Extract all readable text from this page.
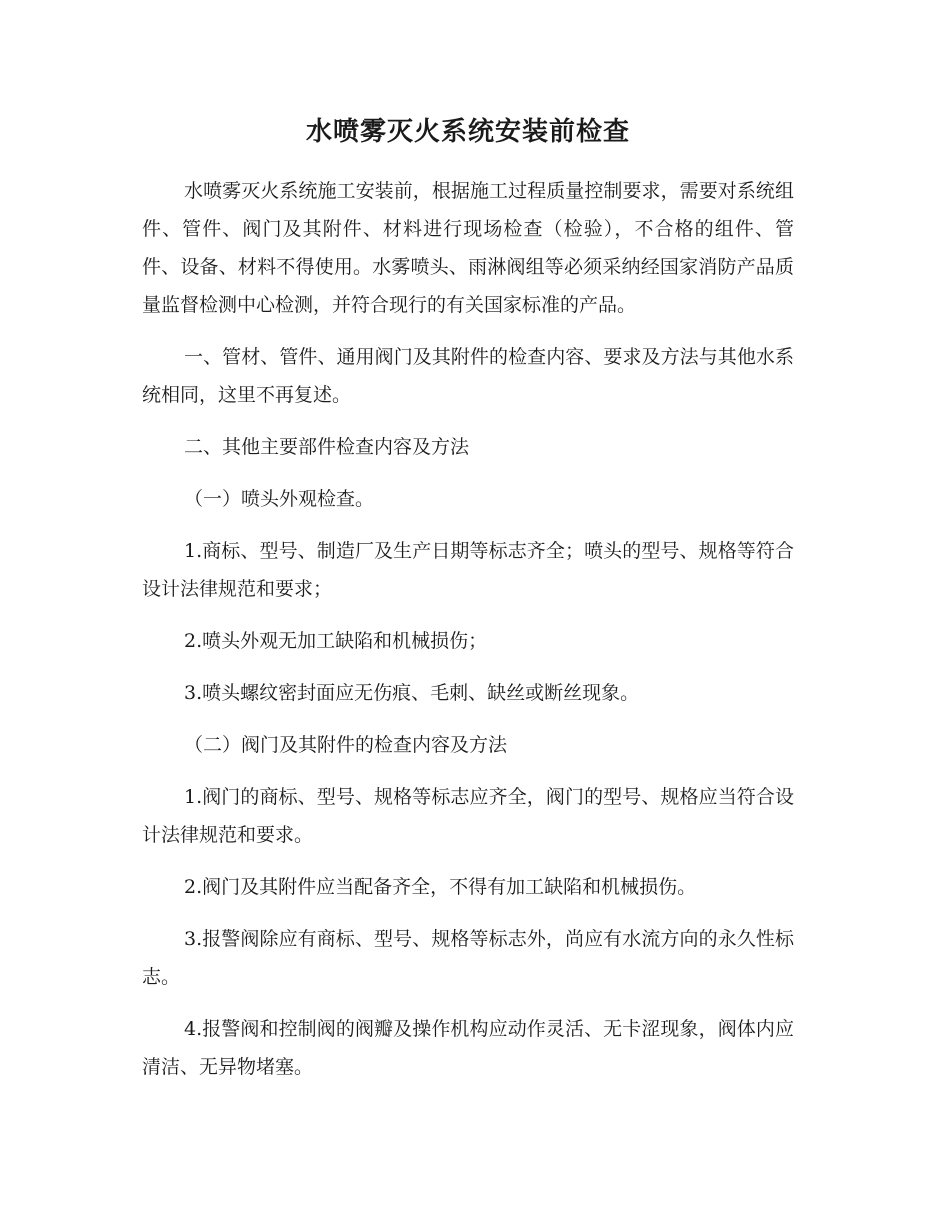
水喷雾灭火系统安装前检查

水喷雾灭火系统施工安装前，根据施工过程质量控制要求，需要对系统组件、管件、阀门及其附件、材料进行现场检查（检验），不合格的组件、管件、设备、材料不得使用。水雾喷头、雨淋阀组等必须采纳经国家消防产品质量监督检测中心检测，并符合现行的有关国家标准的产品。

一、管材、管件、通用阀门及其附件的检查内容、要求及方法与其他水系统相同，这里不再复述。

二、其他主要部件检查内容及方法

（一）喷头外观检查。

1.商标、型号、制造厂及生产日期等标志齐全；喷头的型号、规格等符合设计法律规范和要求；

2.喷头外观无加工缺陷和机械损伤；

3.喷头螺纹密封面应无伤痕、毛刺、缺丝或断丝现象。

（二）阀门及其附件的检查内容及方法

1.阀门的商标、型号、规格等标志应齐全，阀门的型号、规格应当符合设计法律规范和要求。

2.阀门及其附件应当配备齐全，不得有加工缺陷和机械损伤。

3.报警阀除应有商标、型号、规格等标志外，尚应有水流方向的永久性标志。

4.报警阀和控制阀的阀瓣及操作机构应动作灵活、无卡涩现象，阀体内应清洁、无异物堵塞。
